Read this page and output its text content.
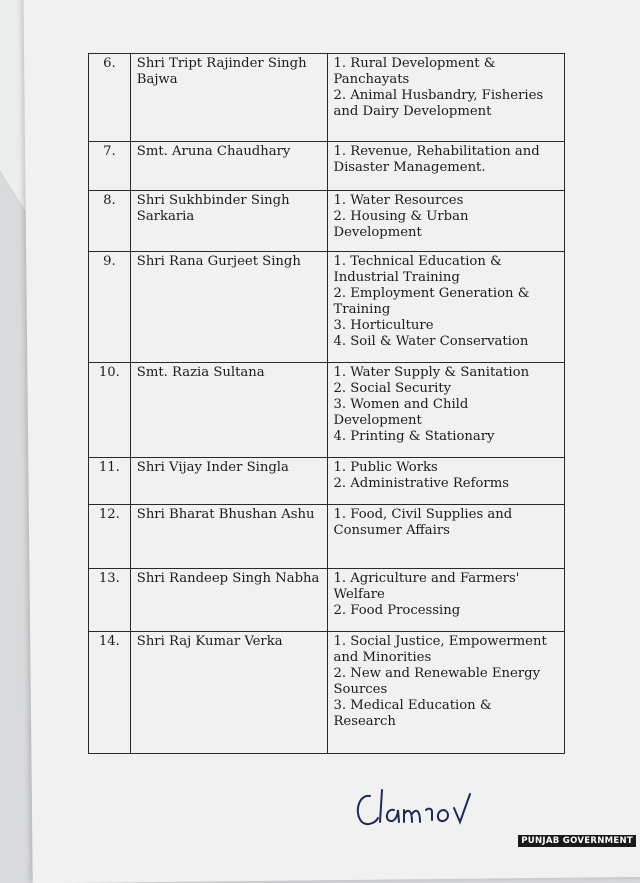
6.	Shri Tript Rajinder Singh Bajwa	1. Rural Development & Panchayats
2. Animal Husbandry, Fisheries and Dairy Development

7.	Smt. Aruna Chaudhary	1. Revenue, Rehabilitation and Disaster Management.

8.	Shri Sukhbinder Singh Sarkaria	1. Water Resources
2. Housing & Urban Development

9.	Shri Rana Gurjeet Singh	1. Technical Education & Industrial Training
2. Employment Generation & Training
3. Horticulture
4. Soil & Water Conservation

10.	Smt. Razia Sultana	1. Water Supply & Sanitation
2. Social Security
3. Women and Child Development
4. Printing & Stationary

11.	Shri Vijay Inder Singla	1. Public Works
2. Administrative Reforms

12.	Shri Bharat Bhushan Ashu	1. Food, Civil Supplies and Consumer Affairs

13.	Shri Randeep Singh Nabha	1. Agriculture and Farmers' Welfare
2. Food Processing

14.	Shri Raj Kumar Verka	1. Social Justice, Empowerment and Minorities
2. New and Renewable Energy Sources
3. Medical Education & Research
PUNJAB GOVERNMENT
